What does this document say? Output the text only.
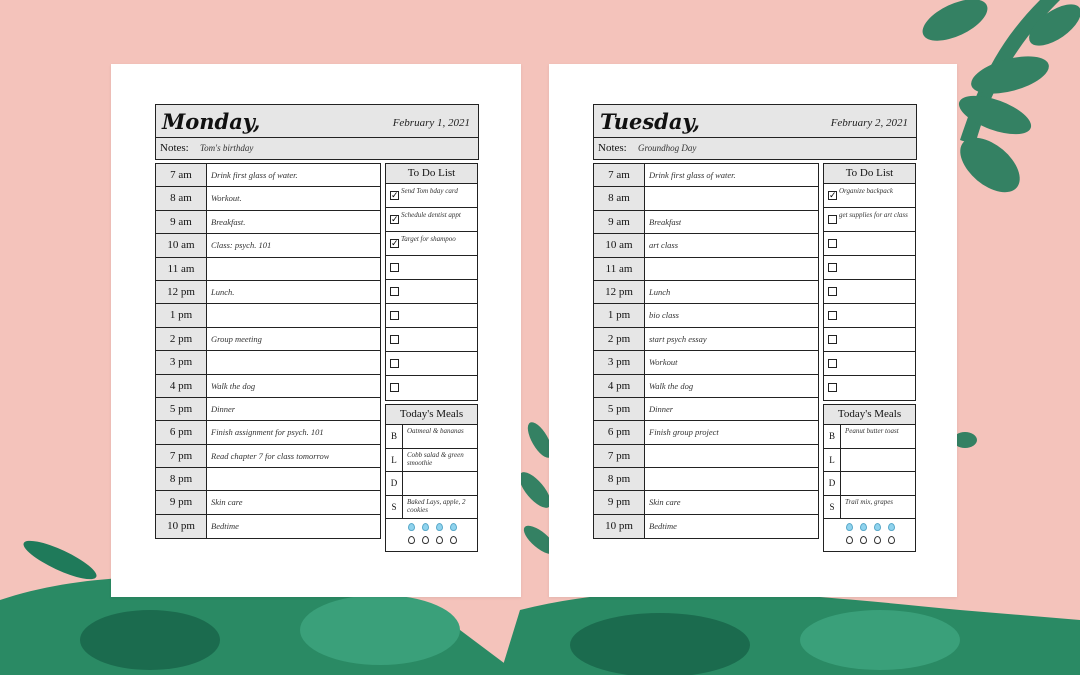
Monday,	February 1, 2021
Notes: Tom's birthday
7 am	Drink first glass of water.
8 am	Workout.
9 am	Breakfast.
10 am	Class: psych. 101
11 am
12 pm	Lunch.
1 pm
2 pm	Group meeting
3 pm
4 pm	Walk the dog
5 pm	Dinner
6 pm	Finish assignment for psych. 101
7 pm	Read chapter 7 for class tomorrow
8 pm
9 pm	Skin care
10 pm	Bedtime
To Do List
✓ Send Tom bday card
✓ Schedule dentist appt
✓ Target for shampoo
Today's Meals
B	Oatmeal & bananas
L	Cobb salad & green smoothie
D
S	Baked Lays, apple, 2 cookies
Tuesday,	February 2, 2021
Notes: Groundhog Day
7 am	Drink first glass of water.
8 am
9 am	Breakfast
10 am	art class
11 am
12 pm	Lunch
1 pm	bio class
2 pm	start psych essay
3 pm	Workout
4 pm	Walk the dog
5 pm	Dinner
6 pm	Finish group project
7 pm
8 pm
9 pm	Skin care
10 pm	Bedtime
To Do List
✓ Organize backpack
get supplies for art class
Today's Meals
B	Peanut butter toast
L
D
S	Trail mix, grapes
